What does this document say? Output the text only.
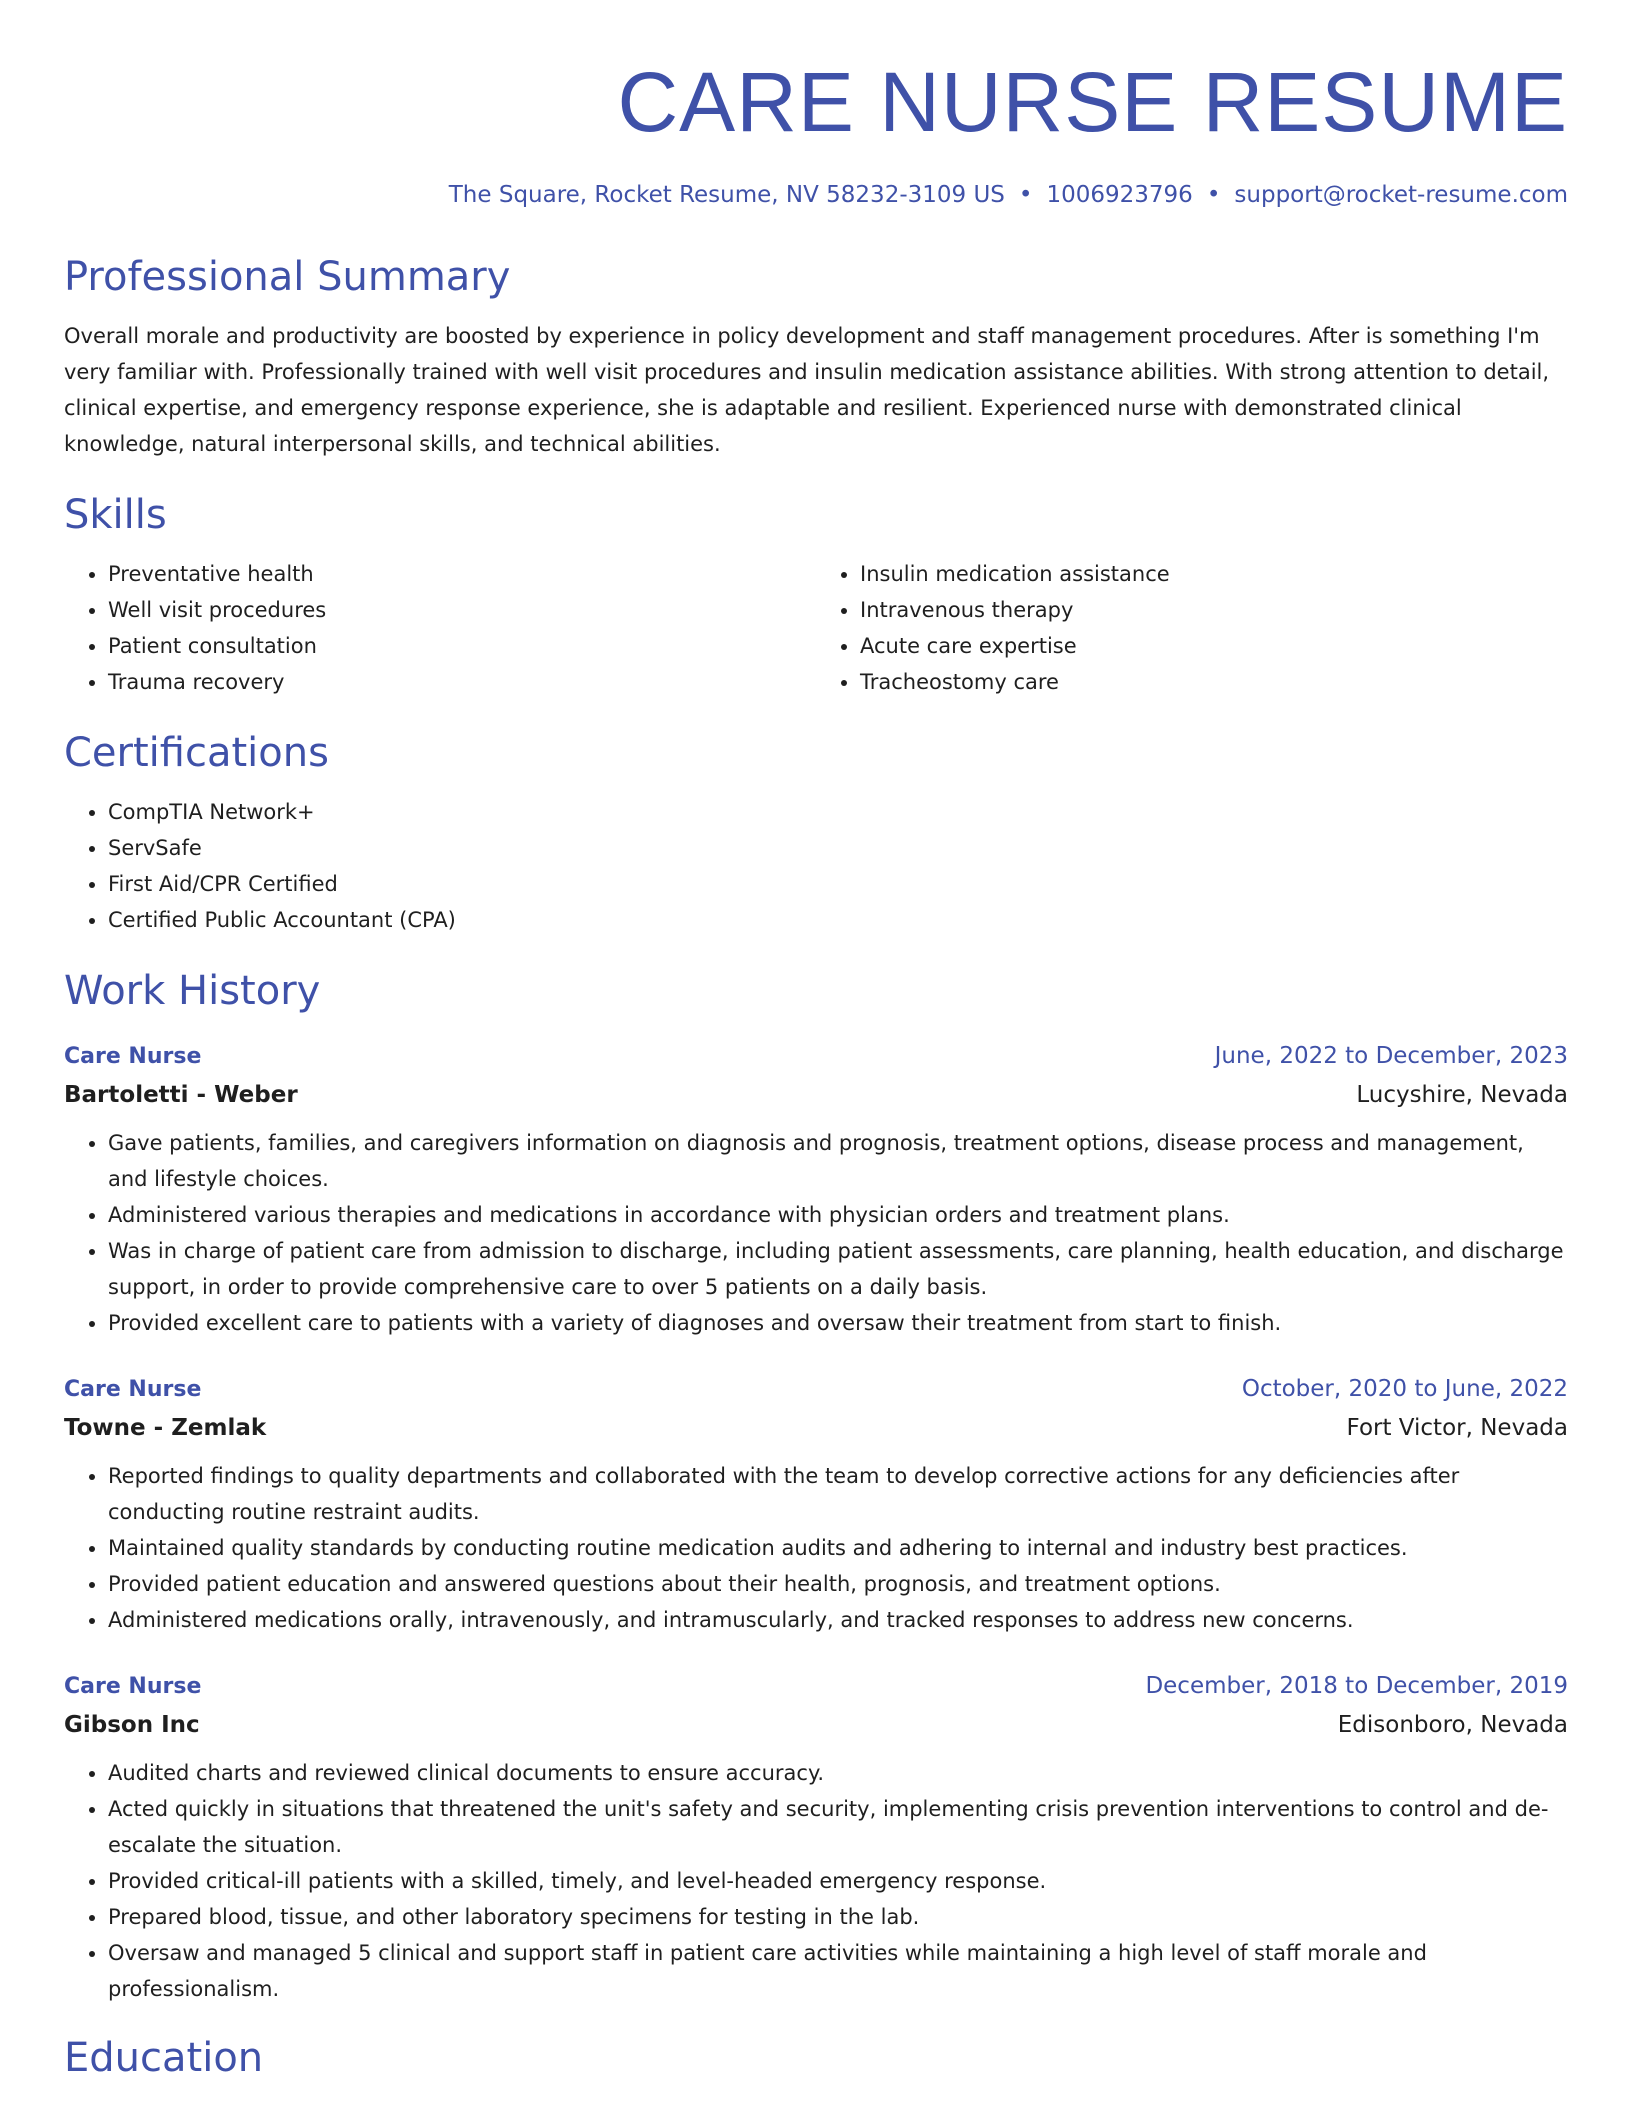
CARE NURSE RESUME
The Square, Rocket Resume, NV 58232-3109 US • 1006923796 • support@rocket-resume.com
Professional Summary
Overall morale and productivity are boosted by experience in policy development and staff management procedures. After is something I'm very familiar with. Professionally trained with well visit procedures and insulin medication assistance abilities. With strong attention to detail, clinical expertise, and emergency response experience, she is adaptable and resilient. Experienced nurse with demonstrated clinical knowledge, natural interpersonal skills, and technical abilities.
Skills
• Preventative health
• Well visit procedures
• Patient consultation
• Trauma recovery
• Insulin medication assistance
• Intravenous therapy
• Acute care expertise
• Tracheostomy care
Certifications
• CompTIA Network+
• ServSafe
• First Aid/CPR Certified
• Certified Public Accountant (CPA)
Work History
Care Nurse	June, 2022 to December, 2023
Bartoletti - Weber	Lucyshire, Nevada
• Gave patients, families, and caregivers information on diagnosis and prognosis, treatment options, disease process and management, and lifestyle choices.
• Administered various therapies and medications in accordance with physician orders and treatment plans.
• Was in charge of patient care from admission to discharge, including patient assessments, care planning, health education, and discharge support, in order to provide comprehensive care to over 5 patients on a daily basis.
• Provided excellent care to patients with a variety of diagnoses and oversaw their treatment from start to finish.
Care Nurse	October, 2020 to June, 2022
Towne - Zemlak	Fort Victor, Nevada
• Reported findings to quality departments and collaborated with the team to develop corrective actions for any deficiencies after conducting routine restraint audits.
• Maintained quality standards by conducting routine medication audits and adhering to internal and industry best practices.
• Provided patient education and answered questions about their health, prognosis, and treatment options.
• Administered medications orally, intravenously, and intramuscularly, and tracked responses to address new concerns.
Care Nurse	December, 2018 to December, 2019
Gibson Inc	Edisonboro, Nevada
• Audited charts and reviewed clinical documents to ensure accuracy.
• Acted quickly in situations that threatened the unit's safety and security, implementing crisis prevention interventions to control and de-escalate the situation.
• Provided critical-ill patients with a skilled, timely, and level-headed emergency response.
• Prepared blood, tissue, and other laboratory specimens for testing in the lab.
• Oversaw and managed 5 clinical and support staff in patient care activities while maintaining a high level of staff morale and professionalism.
Education
